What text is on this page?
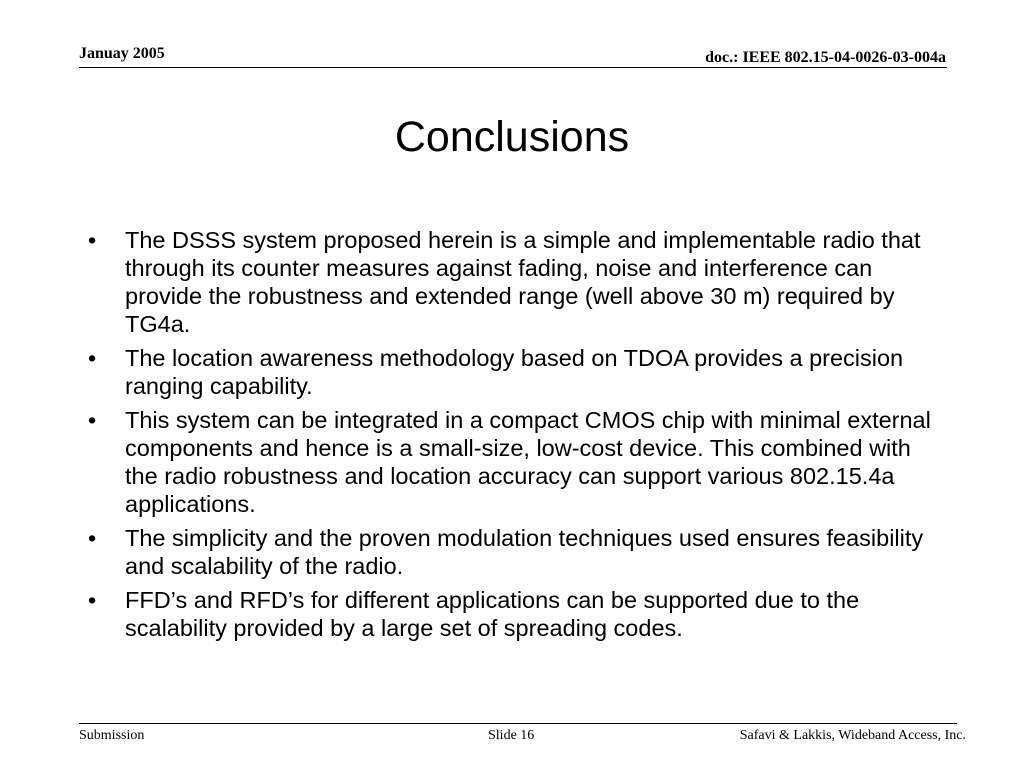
Januay 2005	doc.: IEEE 802.15-04-0026-03-004a
Conclusions
• The DSSS system proposed herein is a simple and implementable radio that through its counter measures against fading, noise and interference can provide the robustness and extended range (well above 30 m) required by TG4a.
• The location awareness methodology based on TDOA provides a precision ranging capability.
• This system can be integrated in a compact CMOS chip with minimal external components and hence is a small-size, low-cost device. This combined with the radio robustness and location accuracy can support various 802.15.4a applications.
• The simplicity and the proven modulation techniques used ensures feasibility and scalability of the radio.
• FFD’s and RFD’s for different applications can be supported due to the scalability provided by a large set of spreading codes.
Submission	Slide 16	Safavi & Lakkis, Wideband Access, Inc.
